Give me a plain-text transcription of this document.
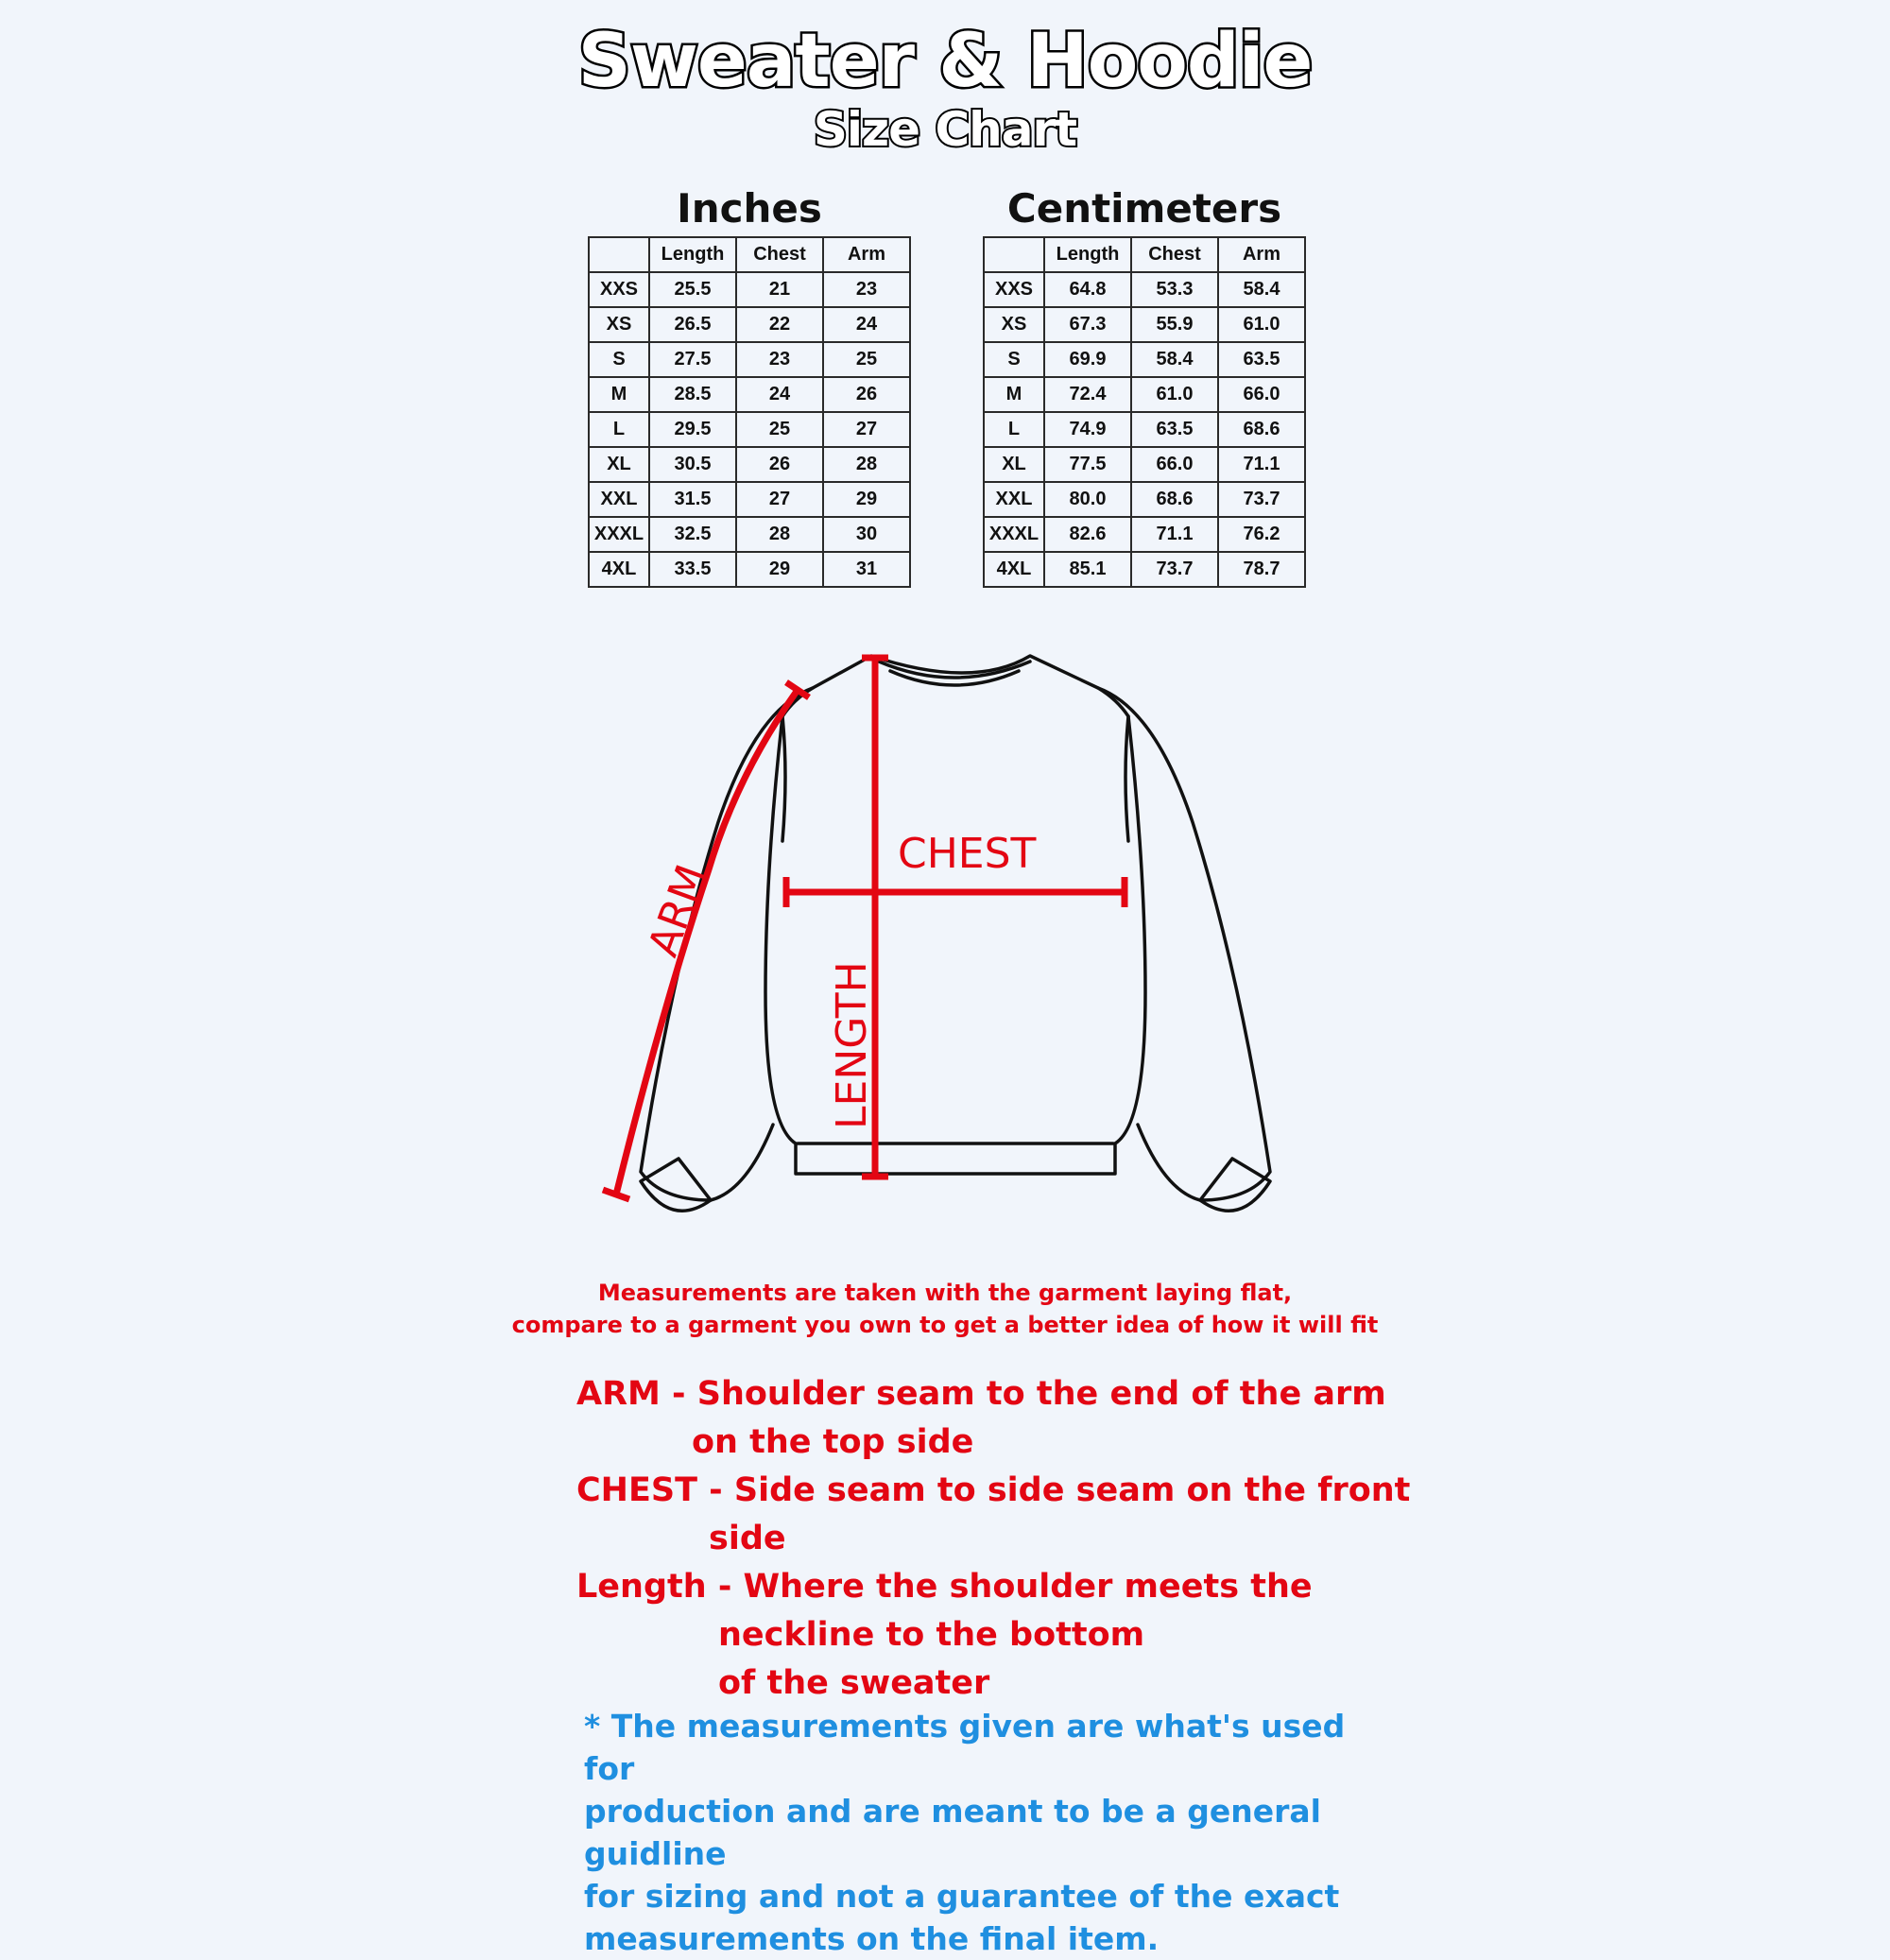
Sweater & Hoodie
Size Chart
Inches
	Length	Chest	Arm
XXS	25.5	21	23
XS	26.5	22	24
S	27.5	23	25
M	28.5	24	26
L	29.5	25	27
XL	30.5	26	28
XXL	31.5	27	29
XXXL	32.5	28	30
4XL	33.5	29	31
Centimeters
	Length	Chest	Arm
XXS	64.8	53.3	58.4
XS	67.3	55.9	61.0
S	69.9	58.4	63.5
M	72.4	61.0	66.0
L	74.9	63.5	68.6
XL	77.5	66.0	71.1
XXL	80.0	68.6	73.7
XXXL	82.6	71.1	76.2
4XL	85.1	73.7	78.7
CHEST
LENGTH
ARM
Measurements are taken with the garment laying flat,
compare to a garment you own to get a better idea of how it will fit
ARM - Shoulder seam to the end of the arm
on the top side
CHEST - Side seam to side seam on the front
side
Length - Where the shoulder meets the
neckline to the bottom
of the sweater
* The measurements given are what's used for
production and are meant to be a general guidline
for sizing and not a guarantee of the exact
measurements on the final item.
